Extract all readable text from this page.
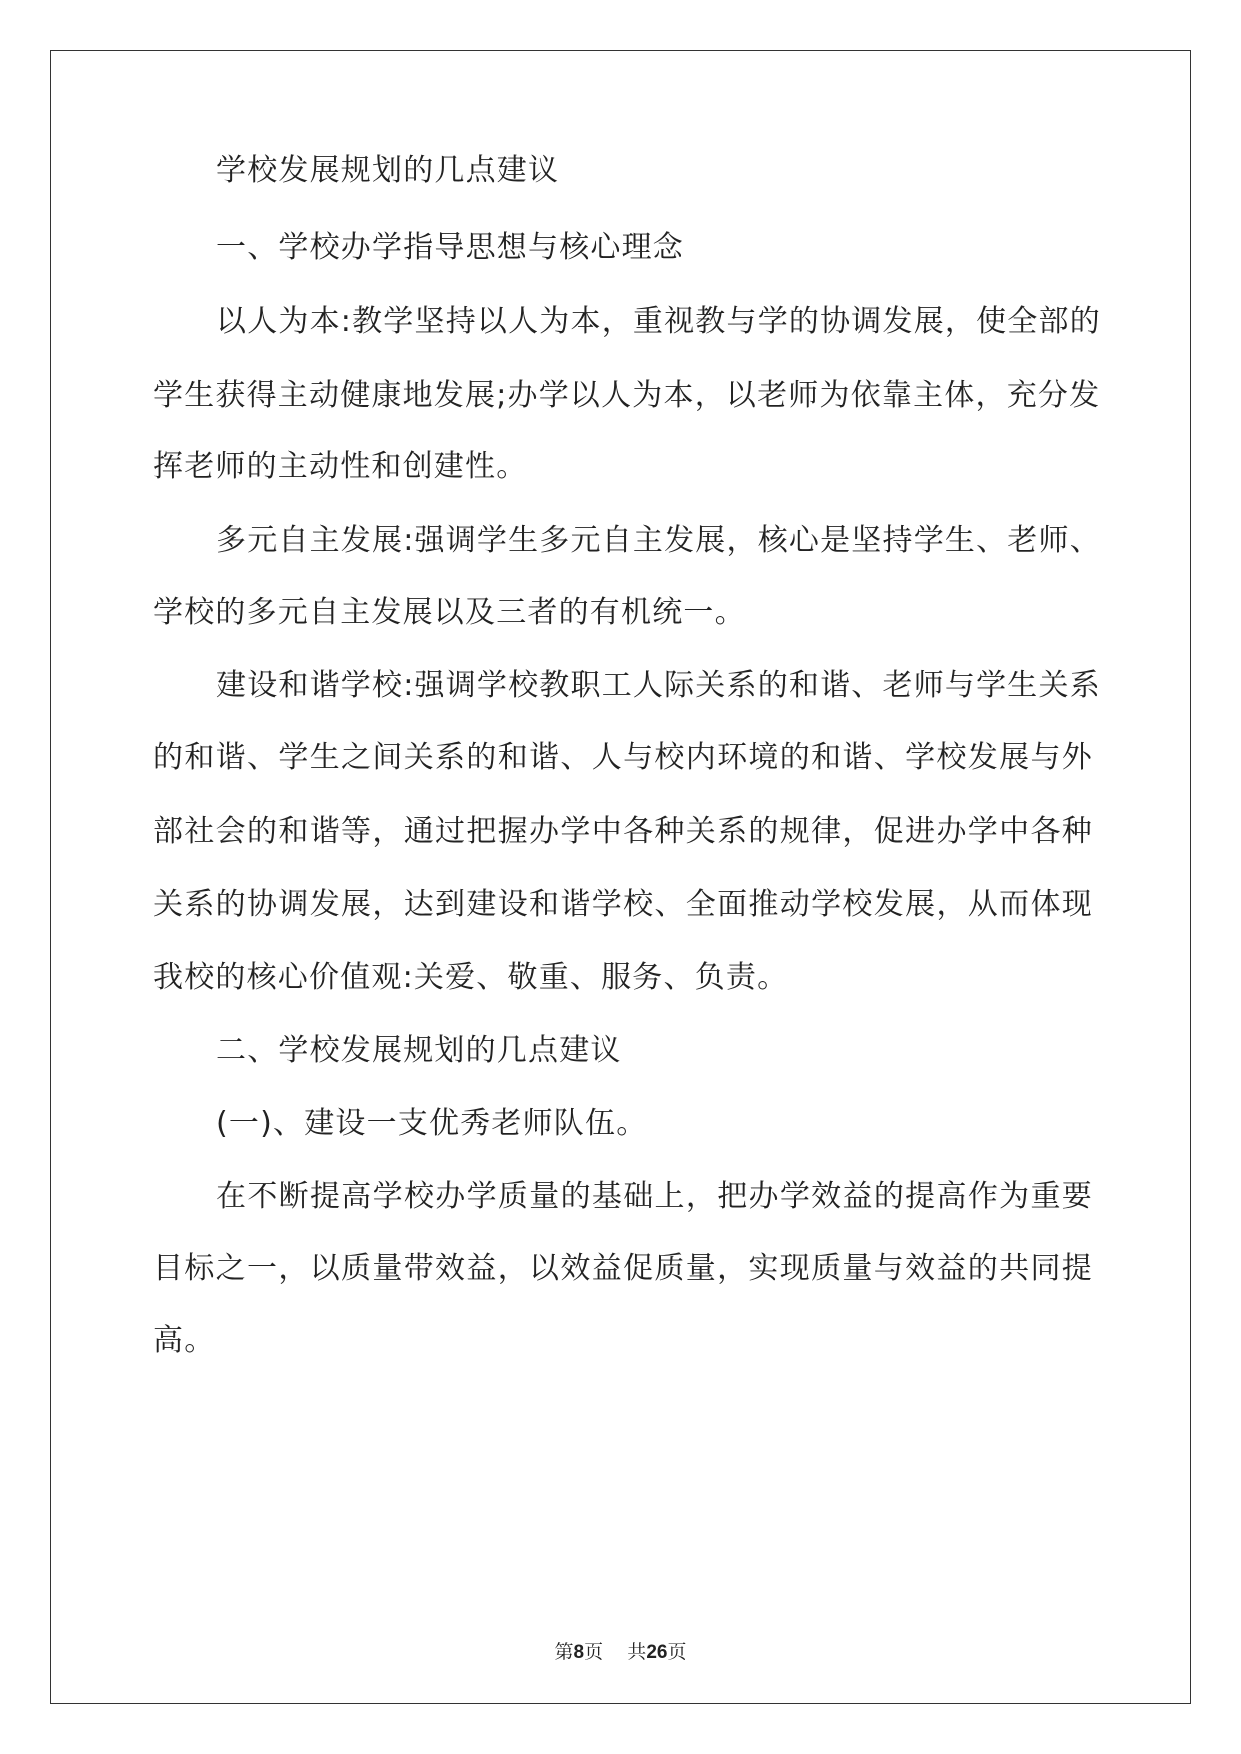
学校发展规划的几点建议
一、学校办学指导思想与核心理念
以人为本:教学坚持以人为本，重视教与学的协调发展，使全部的
学生获得主动健康地发展;办学以人为本，以老师为依靠主体，充分发
挥老师的主动性和创建性。
多元自主发展:强调学生多元自主发展，核心是坚持学生、老师、
学校的多元自主发展以及三者的有机统一。
建设和谐学校:强调学校教职工人际关系的和谐、老师与学生关系
的和谐、学生之间关系的和谐、人与校内环境的和谐、学校发展与外
部社会的和谐等，通过把握办学中各种关系的规律，促进办学中各种
关系的协调发展，达到建设和谐学校、全面推动学校发展，从而体现
我校的核心价值观:关爱、敬重、服务、负责。
二、学校发展规划的几点建议
(一)、建设一支优秀老师队伍。
在不断提高学校办学质量的基础上，把办学效益的提高作为重要
目标之一，以质量带效益，以效益促质量，实现质量与效益的共同提
高。
第8页 共26页
